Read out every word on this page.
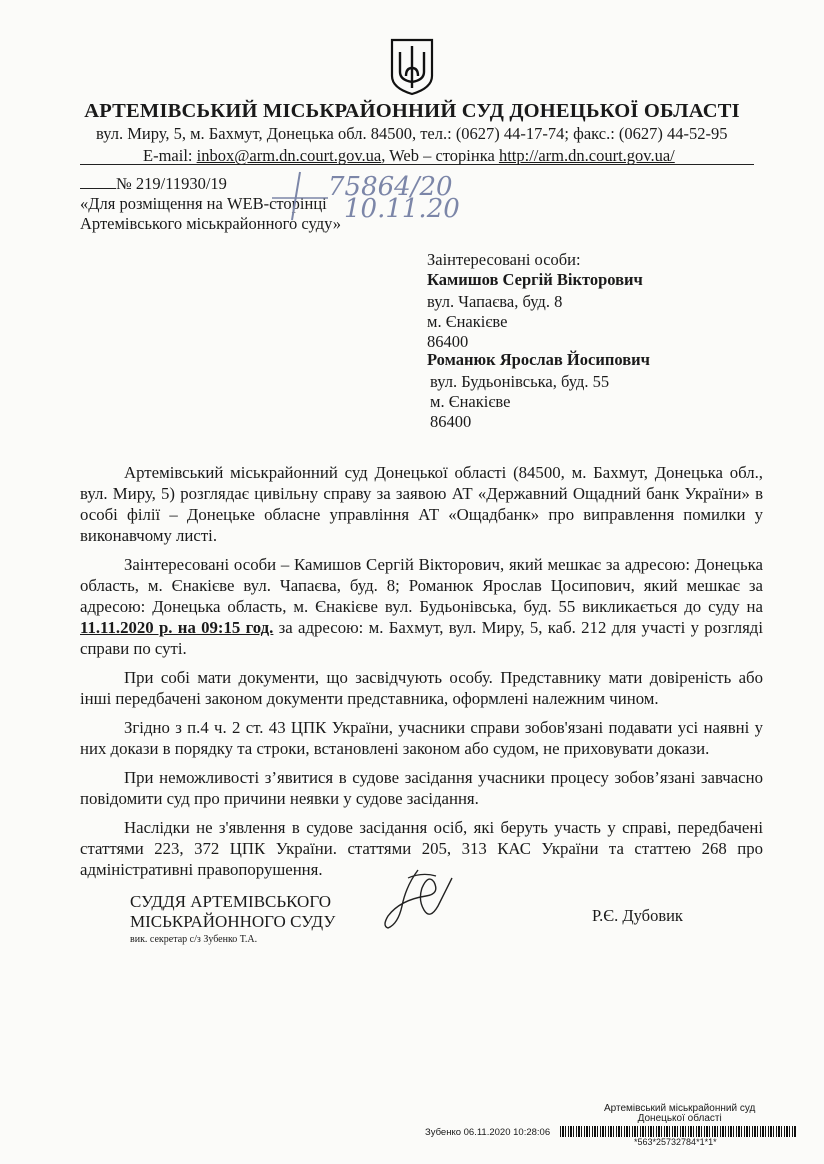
АРТЕМІВСЬКИЙ МІСЬКРАЙОННИЙ СУД ДОНЕЦЬКОЇ ОБЛАСТІ
вул. Миру, 5, м. Бахмут, Донецька обл. 84500, тел.: (0627) 44-17-74; факс.: (0627) 44-52-95
E-mail: inbox@arm.dn.court.gov.ua, Web – сторінка http://arm.dn.court.gov.ua/
№ 219/11930/19
«Для розміщення на WEB-сторінці
Артемівського міськрайонного суду»
75864/20
10.11.20
Заінтересовані особи:
Камишов Сергій Вікторович
вул. Чапаєва, буд. 8
м. Єнакієве
86400
Романюк Ярослав Йосипович
вул. Будьонівська, буд. 55
м. Єнакієве
86400

Артемівський міськрайонний суд Донецької області (84500, м. Бахмут, Донецька обл., вул. Миру, 5) розглядає цивільну справу за заявою АТ «Державний Ощадний банк України» в особі філії – Донецьке обласне управління АТ «Ощадбанк» про виправлення помилки у виконавчому листі.

Заінтересовані особи – Камишов Сергій Вікторович, який мешкає за адресою: Донецька область, м. Єнакієве вул. Чапаєва, буд. 8; Романюк Ярослав Цосипович, який мешкає за адресою: Донецька область, м. Єнакієве вул. Будьонівська, буд. 55 викликається до суду на 11.11.2020 р. на 09:15 год. за адресою: м. Бахмут, вул. Миру, 5, каб. 212 для участі у розгляді справи по суті.

При собі мати документи, що засвідчують особу. Представнику мати довіреність або інші передбачені законом документи представника, оформлені належним чином.

Згідно з п.4 ч. 2 ст. 43 ЦПК України, учасники справи зобов'язані подавати усі наявні у них докази в порядку та строки, встановлені законом або судом, не приховувати докази.

При неможливості з’явитися в судове засідання учасники процесу зобов’язані завчасно повідомити суд про причини неявки у судове засідання.

Наслідки не з'явлення в судове засідання осіб, які беруть участь у справі, передбачені статтями 223, 372 ЦПК України. статтями 205, 313 КАС України та статтею 268 про адміністративні правопорушення.

СУДДЯ АРТЕМІВСЬКОГО
МІСЬКРАЙОННОГО СУДУ
вик. секретар с/з Зубенко Т.А.
Р.Є. Дубовик
Артемівський міськрайонний суд
Донецької області
Зубенко 06.11.2020 10:28:06
*563*25732784*1*1*
